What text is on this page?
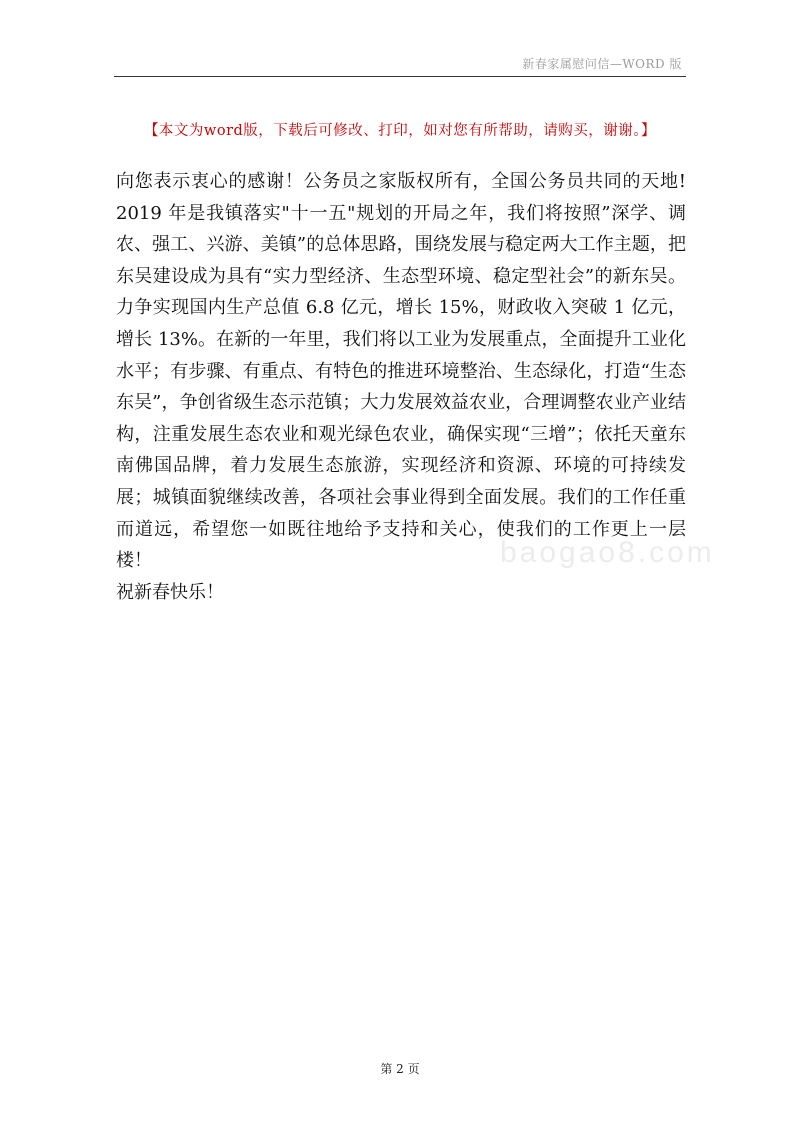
新春家属慰问信—WORD 版
【本文为word版，下载后可修改、打印，如对您有所帮助，请购买，谢谢。】

向您表示衷心的感谢！公务员之家版权所有，全国公务员共同的天地! 2019 年是我镇落实"十一五"规划的开局之年，我们将按照”深学、调农、强工、兴游、美镇”的总体思路，围绕发展与稳定两大工作主题，把东吴建设成为具有“实力型经济、生态型环境、稳定型社会”的新东吴。力争实现国内生产总值 6.8 亿元，增长 15%，财政收入突破 1 亿元，增长 13%。在新的一年里，我们将以工业为发展重点，全面提升工业化水平；有步骤、有重点、有特色的推进环境整治、生态绿化，打造“生态东吴”，争创省级生态示范镇；大力发展效益农业，合理调整农业产业结构，注重发展生态农业和观光绿色农业，确保实现“三增”；依托天童东南佛国品牌，着力发展生态旅游，实现经济和资源、环境的可持续发展；城镇面貌继续改善，各项社会事业得到全面发展。我们的工作任重而道远，希望您一如既往地给予支持和关心，使我们的工作更上一层楼！

祝新春快乐！

baogao8.com
第 2 页
